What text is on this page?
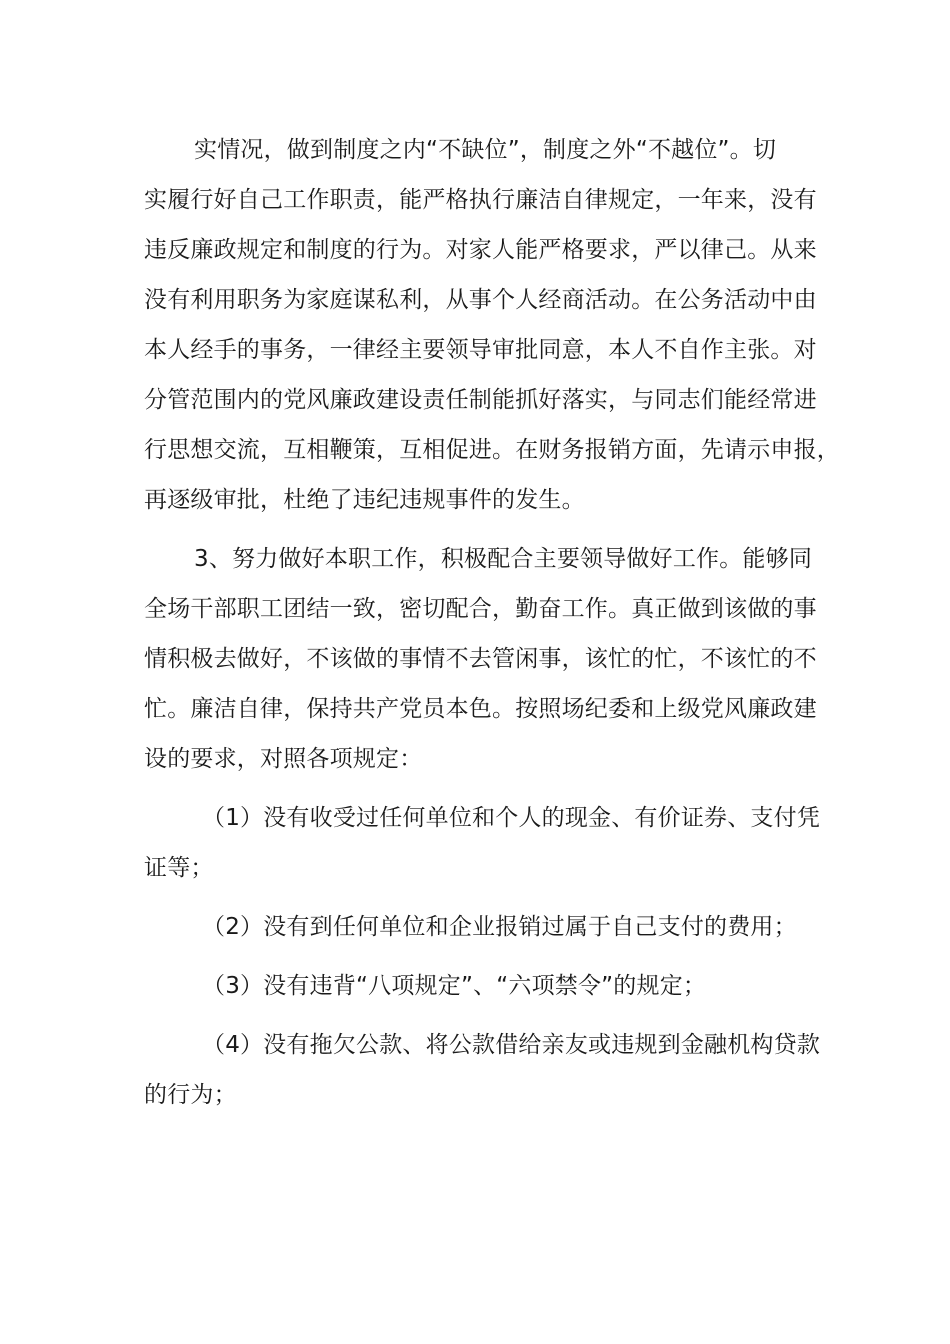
实情况，做到制度之内“不缺位”，制度之外“不越位”。切
实履行好自己工作职责，能严格执行廉洁自律规定，一年来，没有
违反廉政规定和制度的行为。对家人能严格要求，严以律己。从来
没有利用职务为家庭谋私利，从事个人经商活动。在公务活动中由
本人经手的事务，一律经主要领导审批同意，本人不自作主张。对
分管范围内的党风廉政建设责任制能抓好落实，与同志们能经常进
行思想交流，互相鞭策，互相促进。在财务报销方面，先请示申报，
再逐级审批，杜绝了违纪违规事件的发生。
3、努力做好本职工作，积极配合主要领导做好工作。能够同
全场干部职工团结一致，密切配合，勤奋工作。真正做到该做的事
情积极去做好，不该做的事情不去管闲事，该忙的忙，不该忙的不
忙。廉洁自律，保持共产党员本色。按照场纪委和上级党风廉政建
设的要求，对照各项规定：
（1）没有收受过任何单位和个人的现金、有价证券、支付凭
证等；
（2）没有到任何单位和企业报销过属于自己支付的费用；
（3）没有违背“八项规定”、“六项禁令”的规定；
（4）没有拖欠公款、将公款借给亲友或违规到金融机构贷款
的行为；
